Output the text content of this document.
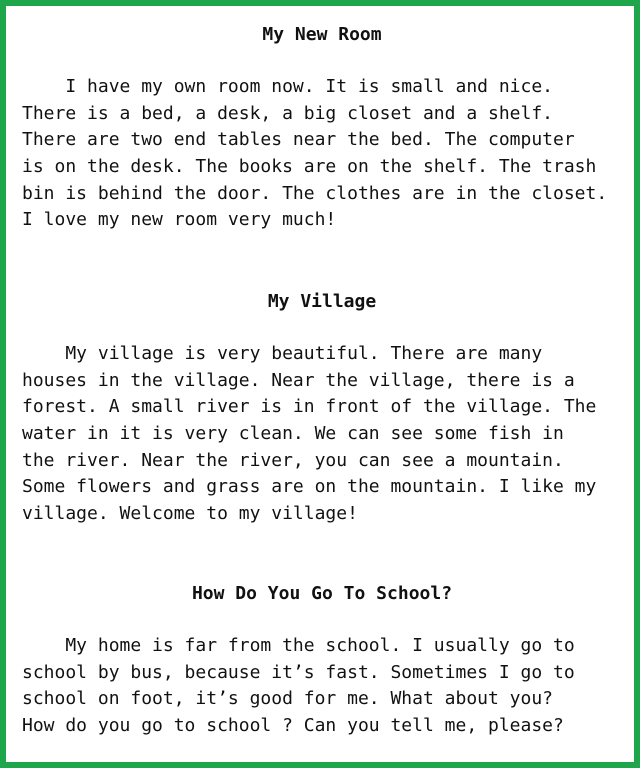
My New Room
I have my own room now. It is small and nice.
There is a bed, a desk, a big closet and a shelf.
There are two end tables near the bed. The computer
is on the desk. The books are on the shelf. The trash
bin is behind the door. The clothes are in the closet.
I love my new room very much!
My Village
My village is very beautiful. There are many
houses in the village. Near the village, there is a
forest. A small river is in front of the village. The
water in it is very clean. We can see some fish in
the river. Near the river, you can see a mountain.
Some flowers and grass are on the mountain. I like my
village. Welcome to my village!
How Do You Go To School?
My home is far from the school. I usually go to
school by bus, because it’s fast. Sometimes I go to
school on foot, it’s good for me. What about you?
How do you go to school ? Can you tell me, please?
